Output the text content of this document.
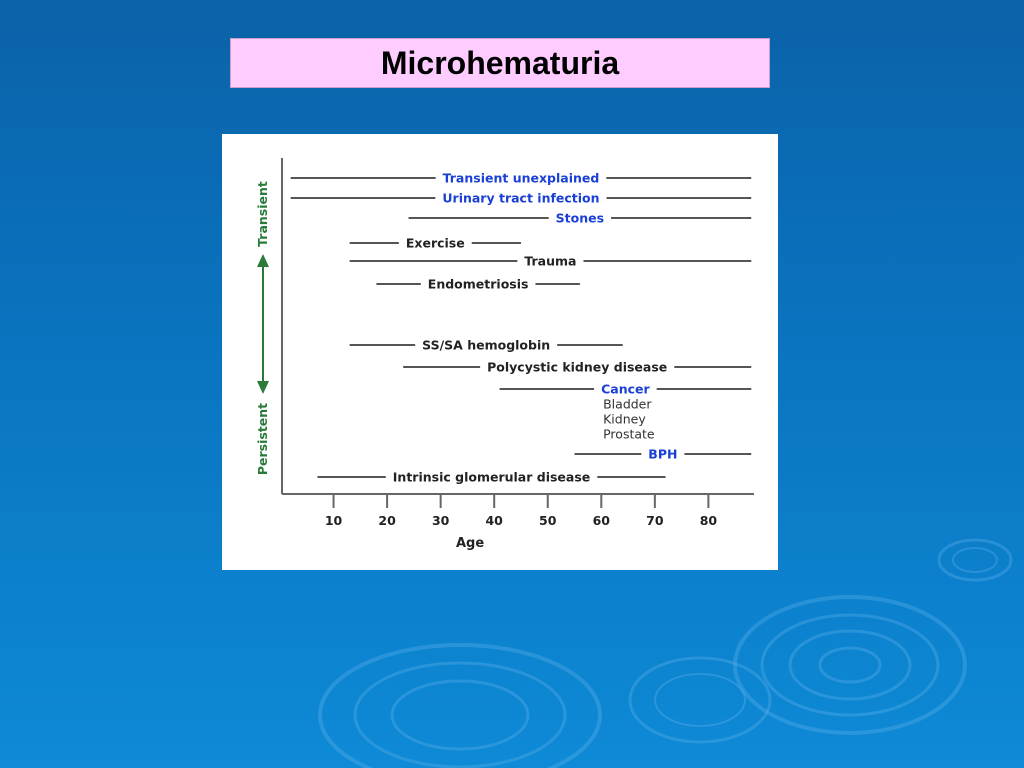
Microhematuria
Transient
Persistent
Transient unexplained
Urinary tract infection
Stones
Exercise
Trauma
Endometriosis
SS/SA hemoglobin
Polycystic kidney disease
Cancer
Bladder
Kidney
Prostate
BPH
Intrinsic glomerular disease
10	20	30	40	50	60	70	80
Age
